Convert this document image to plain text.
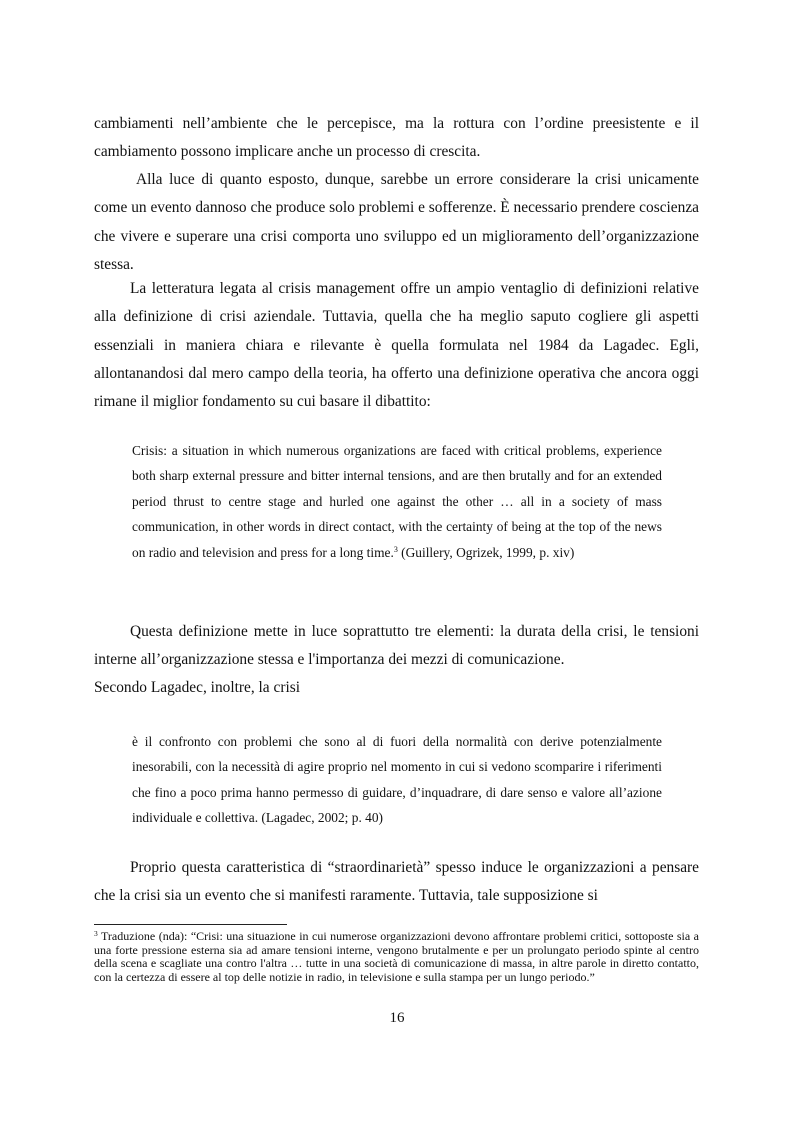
cambiamenti nell’ambiente che le percepisce, ma la rottura con l’ordine preesistente e il cambiamento possono implicare anche un processo di crescita.

Alla luce di quanto esposto, dunque, sarebbe un errore considerare la crisi unicamente come un evento dannoso che produce solo problemi e sofferenze. È necessario prendere coscienza che vivere e superare una crisi comporta uno sviluppo ed un miglioramento dell’organizzazione stessa.

La letteratura legata al crisis management offre un ampio ventaglio di definizioni relative alla definizione di crisi aziendale. Tuttavia, quella che ha meglio saputo cogliere gli aspetti essenziali in maniera chiara e rilevante è quella formulata nel 1984 da Lagadec. Egli, allontanandosi dal mero campo della teoria, ha offerto una definizione operativa che ancora oggi rimane il miglior fondamento su cui basare il dibattito:

Crisis: a situation in which numerous organizations are faced with critical problems, experience both sharp external pressure and bitter internal tensions, and are then brutally and for an extended period thrust to centre stage and hurled one against the other … all in a society of mass communication, in other words in direct contact, with the certainty of being at the top of the news on radio and television and press for a long time.$^3$ (Guillery, Ogrizek, 1999, p. xiv)

Questa definizione mette in luce soprattutto tre elementi: la durata della crisi, le tensioni interne all’organizzazione stessa e l'importanza dei mezzi di comunicazione.

Secondo Lagadec, inoltre, la crisi

è il confronto con problemi che sono al di fuori della normalità con derive potenzialmente inesorabili, con la necessità di agire proprio nel momento in cui si vedono scomparire i riferimenti che fino a poco prima hanno permesso di guidare, d’inquadrare, di dare senso e valore all’azione individuale e collettiva. (Lagadec, 2002; p. 40)

Proprio questa caratteristica di “straordinarietà” spesso induce le organizzazioni a pensare che la crisi sia un evento che si manifesti raramente. Tuttavia, tale supposizione si

$^3$ Traduzione (nda): “Crisi: una situazione in cui numerose organizzazioni devono affrontare problemi critici, sottoposte sia a una forte pressione esterna sia ad amare tensioni interne, vengono brutalmente e per un prolungato periodo spinte al centro della scena e scagliate una contro l'altra … tutte in una società di comunicazione di massa, in altre parole in diretto contatto, con la certezza di essere al top delle notizie in radio, in televisione e sulla stampa per un lungo periodo.”

16
